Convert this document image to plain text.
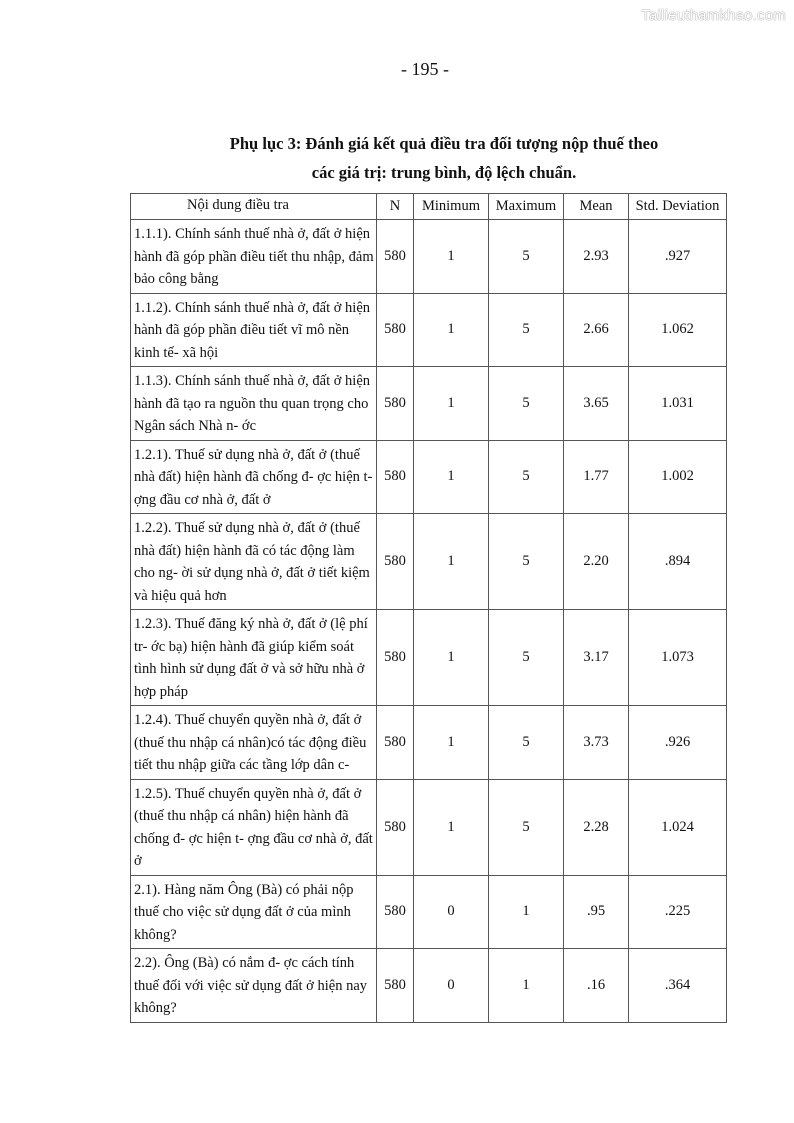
Tailieuthamkhao.com
- 195 -
Phụ lục 3: Đánh giá kết quả điều tra đối tượng nộp thuế theo
các giá trị: trung bình, độ lệch chuẩn.
Nội dung điều tra	N	Minimum	Maximum	Mean	Std. Deviation
1.1.1). Chính sánh thuế nhà ở, đất ở hiện hành đã góp phần điều tiết thu nhập, đảm bảo công bằng	580	1	5	2.93	.927
1.1.2). Chính sánh thuế nhà ở, đất ở hiện hành đã góp phần điều tiết vĩ mô nền kinh tế- xã hội	580	1	5	2.66	1.062
1.1.3). Chính sánh thuế nhà ở, đất ở hiện hành đã tạo ra nguồn thu quan trọng cho Ngân sách Nhà n- ớc	580	1	5	3.65	1.031
1.2.1). Thuế sử dụng nhà ở, đất ở (thuế nhà đất) hiện hành đã chống đ- ợc hiện t- ợng đầu cơ nhà ở, đất ở	580	1	5	1.77	1.002
1.2.2). Thuế sử dụng nhà ở, đất ở (thuế nhà đất) hiện hành đã có tác động làm cho ng- ời sử dụng nhà ở, đất ở tiết kiệm và hiệu quả hơn	580	1	5	2.20	.894
1.2.3). Thuế đăng ký nhà ở, đất ở (lệ phí tr- ớc bạ) hiện hành đã giúp kiểm soát tình hình sử dụng đất ở và sở hữu nhà ở hợp pháp	580	1	5	3.17	1.073
1.2.4). Thuế chuyển quyền nhà ở, đất ở (thuế thu nhập cá nhân)có tác động điều tiết thu nhập giữa các tầng lớp dân c-	580	1	5	3.73	.926
1.2.5). Thuế chuyển quyền nhà ở, đất ở (thuế thu nhập cá nhân) hiện hành đã chống đ- ợc hiện t- ợng đầu cơ nhà ở, đất ở	580	1	5	2.28	1.024
2.1). Hàng năm Ông (Bà) có phải nộp thuế cho việc sử dụng đất ở của mình không?	580	0	1	.95	.225
2.2). Ông (Bà) có nắm đ- ợc cách tính thuế đối với việc sử dụng đất ở hiện nay không?	580	0	1	.16	.364
